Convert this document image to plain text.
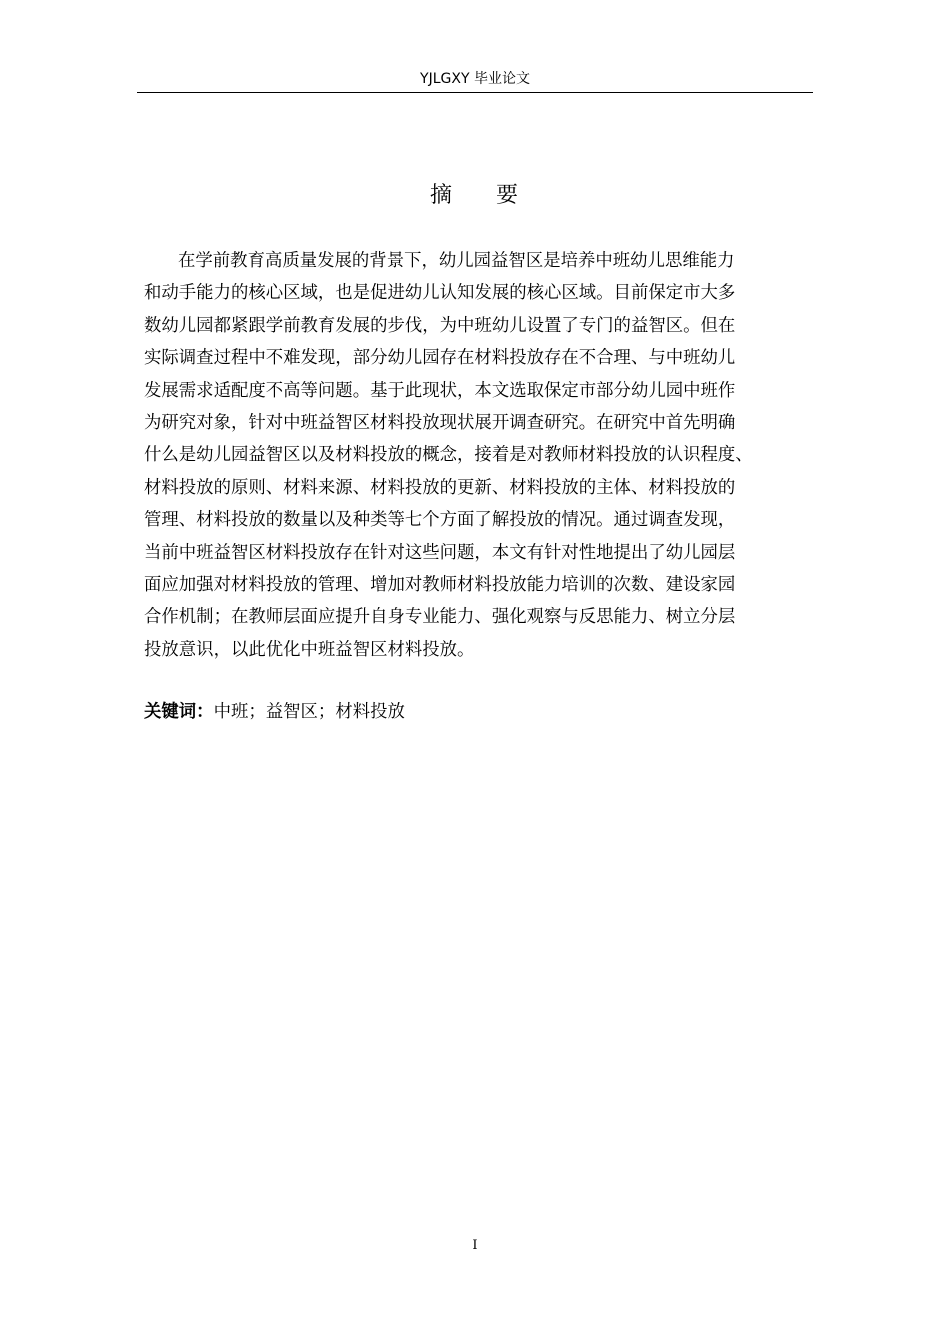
YJLGXY 毕业论文
摘 要
在学前教育高质量发展的背景下，幼儿园益智区是培养中班幼儿思维能力
和动手能力的核心区域，也是促进幼儿认知发展的核心区域。目前保定市大多
数幼儿园都紧跟学前教育发展的步伐，为中班幼儿设置了专门的益智区。但在
实际调查过程中不难发现，部分幼儿园存在材料投放存在不合理、与中班幼儿
发展需求适配度不高等问题。基于此现状，本文选取保定市部分幼儿园中班作
为研究对象，针对中班益智区材料投放现状展开调查研究。在研究中首先明确
什么是幼儿园益智区以及材料投放的概念，接着是对教师材料投放的认识程度、
材料投放的原则、材料来源、材料投放的更新、材料投放的主体、材料投放的
管理、材料投放的数量以及种类等七个方面了解投放的情况。通过调查发现，
当前中班益智区材料投放存在针对这些问题，本文有针对性地提出了幼儿园层
面应加强对材料投放的管理、增加对教师材料投放能力培训的次数、建设家园
合作机制；在教师层面应提升自身专业能力、强化观察与反思能力、树立分层
投放意识，以此优化中班益智区材料投放。
关键词：中班；益智区；材料投放
I
